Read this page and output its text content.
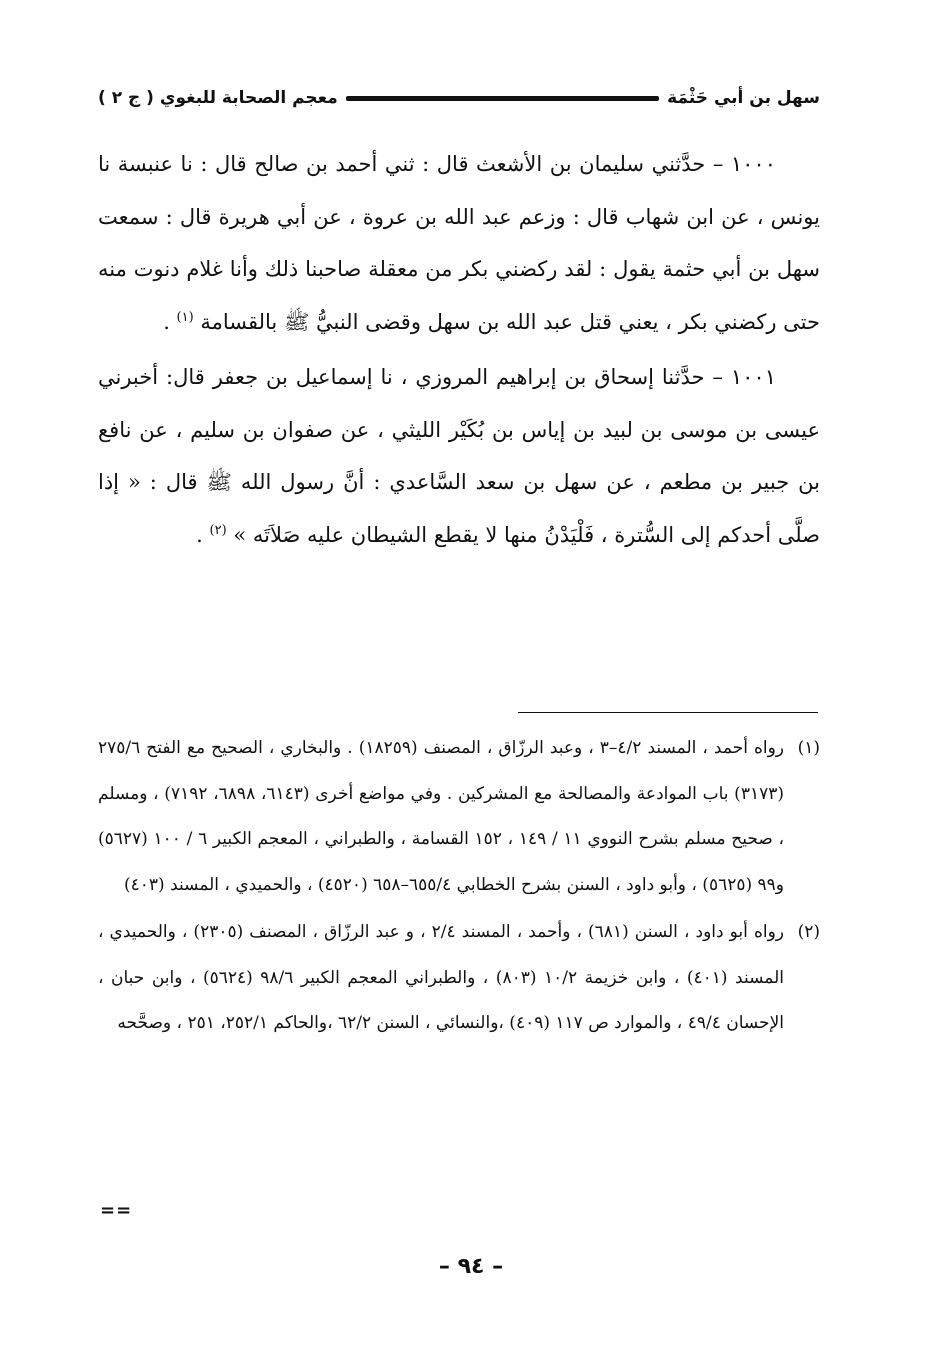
سهل بن أبي حَثْمَة
معجم الصحابة للبغوي ( ج ٢ )

١٠٠٠ – حدَّثني سليمان بن الأشعث قال : ثني أحمد بن صالح قال : نا عنبسة نا يونس ، عن ابن شهاب قال : وزعم عبد الله بن عروة ، عن أبي هريرة قال : سمعت سهل بن أبي حثمة يقول : لقد ركضني بكر من معقلة صاحبنا ذلك وأنا غلام دنوت منه حتى ركضني بكر ، يعني قتل عبد الله بن سهل وقضى النبيُّ ﷺ بالقسامة $^{(١)}$ .

١٠٠١ – حدَّثنا إسحاق بن إبراهيم المروزي ، نا إسماعيل بن جعفر قال: أخبرني عيسى بن موسى بن لبيد بن إياس بن بُكَيْر الليثي ، عن صفوان بن سليم ، عن نافع بن جبير بن مطعم ، عن سهل بن سعد السَّاعدي : أنَّ رسول الله ﷺ قال : « إذا صلَّى أحدكم إلى السُّترة ، فَلْيَدْنُ منها لا يقطع الشيطان عليه صَلاَتَه » $^{(٢)}$ .

(١)
رواه أحمد ، المسند ٤/٢–٣ ، وعبد الرزّاق ، المصنف (١٨٢٥٩) . والبخاري ، الصحيح مع الفتح ٢٧٥/٦ (٣١٧٣) باب الموادعة والمصالحة مع المشركين . وفي مواضع أخرى (٦١٤٣، ٦٨٩٨، ٧١٩٢) ، ومسلم ، صحيح مسلم بشرح النووي ١١ / ١٤٩ ، ١٥٢ القسامة ، والطبراني ، المعجم الكبير ٦ / ١٠٠ (٥٦٢٧) و٩٩ (٥٦٢٥) ، وأبو داود ، السنن بشرح الخطابي ٦٥٥/٤–٦٥٨ (٤٥٢٠) ، والحميدي ، المسند (٤٠٣)
(٢)
رواه أبو داود ، السنن (٦٨١) ، وأحمد ، المسند ٢/٤ ، و عبد الرزّاق ، المصنف (٢٣٠٥) ، والحميدي ، المسند (٤٠١) ، وابن خزيمة ١٠/٢ (٨٠٣) ، والطبراني المعجم الكبير ٩٨/٦ (٥٦٢٤) ، وابن حبان ، الإحسان ٤٩/٤ ، والموارد ص ١١٧ (٤٠٩) ،والنسائي ، السنن ٦٢/٢ ،والحاكم ٢٥٢/١، ٢٥١ ، وصحَّحه
==
– ٩٤ –
